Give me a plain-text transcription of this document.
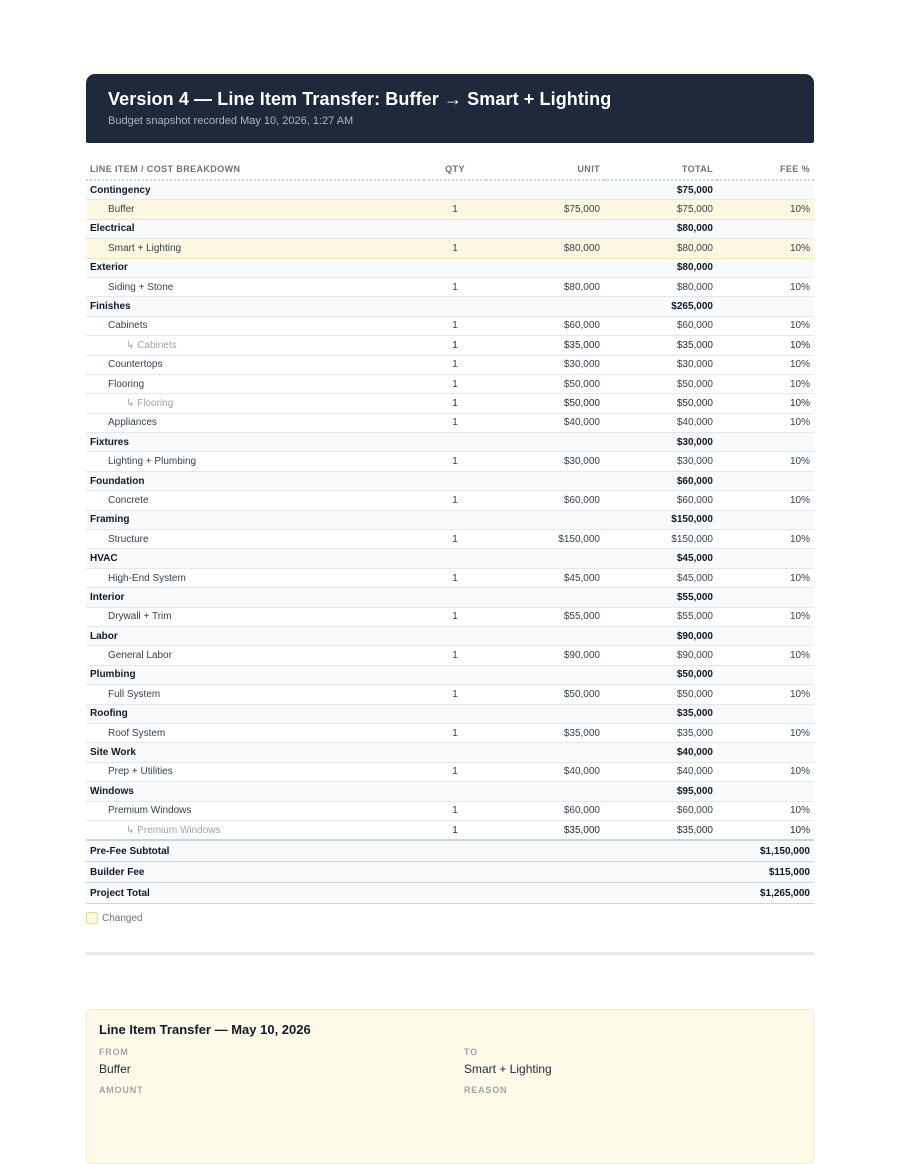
Version 4 — Line Item Transfer: Buffer → Smart + Lighting
Budget snapshot recorded May 10, 2026, 1:27 AM
LINE ITEM / COST BREAKDOWN	QTY	UNIT	TOTAL	FEE %
Contingency			$75,000	
Buffer	1	$75,000	$75,000	10%
Electrical			$80,000	
Smart + Lighting	1	$80,000	$80,000	10%
Exterior			$80,000	
Siding + Stone	1	$80,000	$80,000	10%
Finishes			$265,000	
Cabinets	1	$60,000	$60,000	10%
↳ Cabinets	1	$35,000	$35,000	10%
Countertops	1	$30,000	$30,000	10%
Flooring	1	$50,000	$50,000	10%
↳ Flooring	1	$50,000	$50,000	10%
Appliances	1	$40,000	$40,000	10%
Fixtures			$30,000	
Lighting + Plumbing	1	$30,000	$30,000	10%
Foundation			$60,000	
Concrete	1	$60,000	$60,000	10%
Framing			$150,000	
Structure	1	$150,000	$150,000	10%
HVAC			$45,000	
High-End System	1	$45,000	$45,000	10%
Interior			$55,000	
Drywall + Trim	1	$55,000	$55,000	10%
Labor			$90,000	
General Labor	1	$90,000	$90,000	10%
Plumbing			$50,000	
Full System	1	$50,000	$50,000	10%
Roofing			$35,000	
Roof System	1	$35,000	$35,000	10%
Site Work			$40,000	
Prep + Utilities	1	$40,000	$40,000	10%
Windows			$95,000	
Premium Windows	1	$60,000	$60,000	10%
↳ Premium Windows	1	$35,000	$35,000	10%
Pre-Fee Subtotal				$1,150,000
Builder Fee				$115,000
Project Total				$1,265,000
Changed
Line Item Transfer — May 10, 2026
FROM
Buffer
TO
Smart + Lighting
AMOUNT	REASON
